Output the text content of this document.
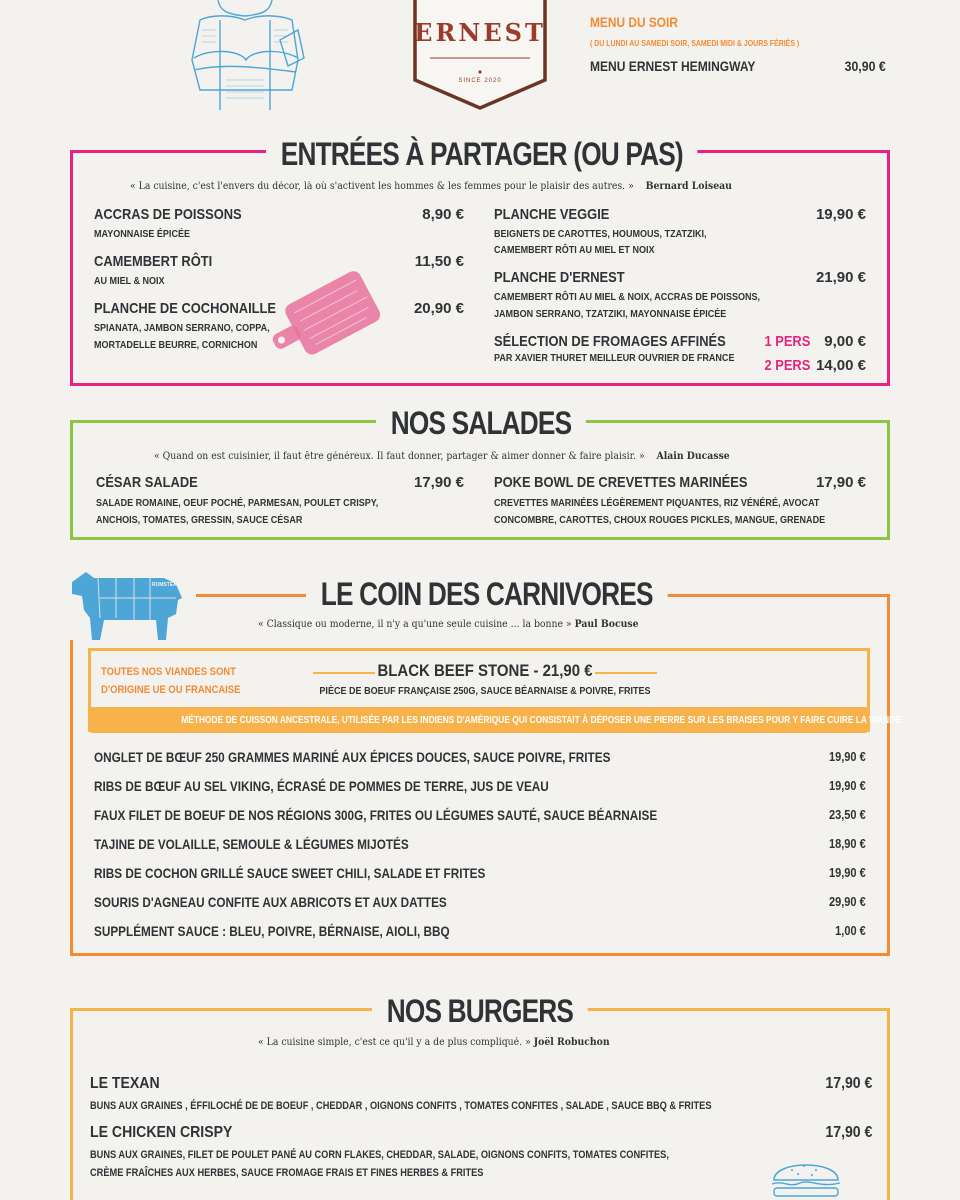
ERNEST
SINCE 2020
MENU DU SOIR
( DU LUNDI AU SAMEDI SOIR, SAMEDI MIDI & JOURS FÉRIÉS )
MENU ERNEST HEMINGWAY	30,90 €
ENTRÉES À PARTAGER (OU PAS)
« La cuisine, c'est l'envers du décor, là où s'activent les hommes & les femmes pour le plaisir des autres. » Bernard Loiseau
ACCRAS DE POISSONS	8,90 €
MAYONNAISE ÉPICÉE
CAMEMBERT RÔTI	11,50 €
AU MIEL & NOIX
PLANCHE DE COCHONAILLE	20,90 €
SPIANATA, JAMBON SERRANO, COPPA,
MORTADELLE BEURRE, CORNICHON
PLANCHE VEGGIE	19,90 €
BEIGNETS DE CAROTTES, HOUMOUS, TZATZIKI,
CAMEMBERT RÔTI AU MIEL ET NOIX
PLANCHE D'ERNEST	21,90 €
CAMEMBERT RÔTI AU MIEL & NOIX, ACCRAS DE POISSONS,
JAMBON SERRANO, TZATZIKI, MAYONNAISE ÉPICÉE
SÉLECTION DE FROMAGES AFFINÉS
PAR XAVIER THURET MEILLEUR OUVRIER DE FRANCE
1 PERS 9,00 €
2 PERS 14,00 €
NOS SALADES
« Quand on est cuisinier, il faut être généreux. Il faut donner, partager & aimer donner & faire plaisir. » Alain Ducasse
CÉSAR SALADE	17,90 €
SALADE ROMAINE, OEUF POCHÉ, PARMESAN, POULET CRISPY,
ANCHOIS, TOMATES, GRESSIN, SAUCE CÉSAR
POKE BOWL DE CREVETTES MARINÉES	17,90 €
CREVETTES MARINÉES LÉGÈREMENT PIQUANTES, RIZ VÉNÉRÉ, AVOCAT
CONCOMBRE, CAROTTES, CHOUX ROUGES PICKLES, MANGUE, GRENADE
RUMSTEAK	LE COIN DES CARNIVORES
« Classique ou moderne, il n'y a qu'une seule cuisine ... la bonne » Paul Bocuse
TOUTES NOS VIANDES SONT
D'ORIGINE UE OU FRANCAISE
BLACK BEEF STONE - 21,90 €
PIÈCE DE BOEUF FRANÇAISE 250G, SAUCE BÉARNAISE & POIVRE, FRITES
MÉTHODE DE CUISSON ANCESTRALE, UTILISÉE PAR LES INDIENS D'AMÉRIQUE QUI CONSISTAIT À DÉPOSER UNE PIERRE SUR LES BRAISES POUR Y FAIRE CUIRE LA VIANDE.
ONGLET DE BŒUF 250 GRAMMES MARINÉ AUX ÉPICES DOUCES, SAUCE POIVRE, FRITES	19,90 €
RIBS DE BŒUF AU SEL VIKING, ÉCRASÉ DE POMMES DE TERRE, JUS DE VEAU	19,90 €
FAUX FILET DE BOEUF DE NOS RÉGIONS 300G, FRITES OU LÉGUMES SAUTÉ, SAUCE BÉARNAISE	23,50 €
TAJINE DE VOLAILLE, SEMOULE & LÉGUMES MIJOTÉS	18,90 €
RIBS DE COCHON GRILLÉ SAUCE SWEET CHILI, SALADE ET FRITES	19,90 €
SOURIS D'AGNEAU CONFITE AUX ABRICOTS ET AUX DATTES	29,90 €
SUPPLÉMENT SAUCE : BLEU, POIVRE, BÉRNAISE, AIOLI, BBQ	1,00 €
NOS BURGERS
« La cuisine simple, c'est ce qu'il y a de plus compliqué. » Joël Robuchon
LE TEXAN	17,90 €
BUNS AUX GRAINES , ÉFFILOCHÉ DE DE BOEUF , CHEDDAR , OIGNONS CONFITS , TOMATES CONFITES , SALADE , SAUCE BBQ & FRITES
LE CHICKEN CRISPY	17,90 €
BUNS AUX GRAINES, FILET DE POULET PANÉ AU CORN FLAKES, CHEDDAR, SALADE, OIGNONS CONFITS, TOMATES CONFITES,
CRÈME FRAÎCHES AUX HERBES, SAUCE FROMAGE FRAIS ET FINES HERBES & FRITES
